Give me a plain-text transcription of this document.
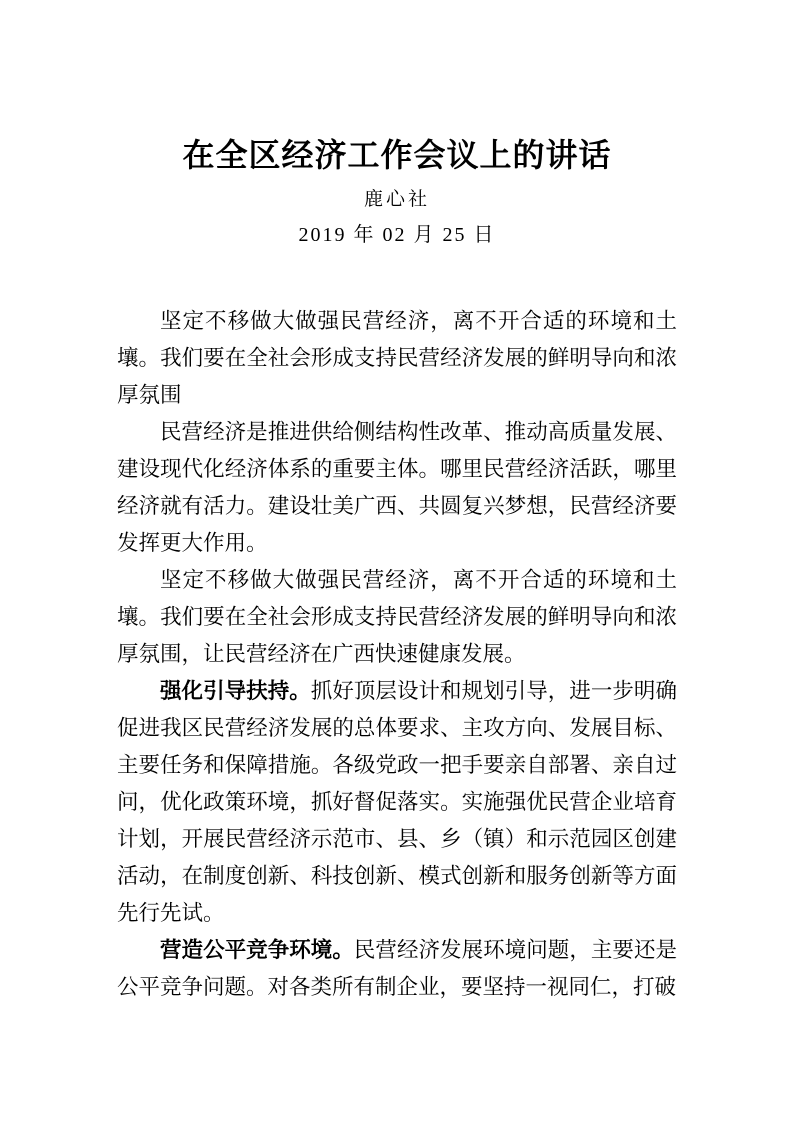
在全区经济工作会议上的讲话
鹿心社
2019 年 02 月 25 日

坚定不移做大做强民营经济，离不开合适的环境和土壤。我们要在全社会形成支持民营经济发展的鲜明导向和浓厚氛围

民营经济是推进供给侧结构性改革、推动高质量发展、建设现代化经济体系的重要主体。哪里民营经济活跃，哪里经济就有活力。建设壮美广西、共圆复兴梦想，民营经济要发挥更大作用。

坚定不移做大做强民营经济，离不开合适的环境和土壤。我们要在全社会形成支持民营经济发展的鲜明导向和浓厚氛围，让民营经济在广西快速健康发展。

强化引导扶持。抓好顶层设计和规划引导，进一步明确促进我区民营经济发展的总体要求、主攻方向、发展目标、主要任务和保障措施。各级党政一把手要亲自部署、亲自过问，优化政策环境，抓好督促落实。实施强优民营企业培育计划，开展民营经济示范市、县、乡（镇）和示范园区创建活动，在制度创新、科技创新、模式创新和服务创新等方面先行先试。

营造公平竞争环境。民营经济发展环境问题，主要还是公平竞争问题。对各类所有制企业，要坚持一视同仁，打破
